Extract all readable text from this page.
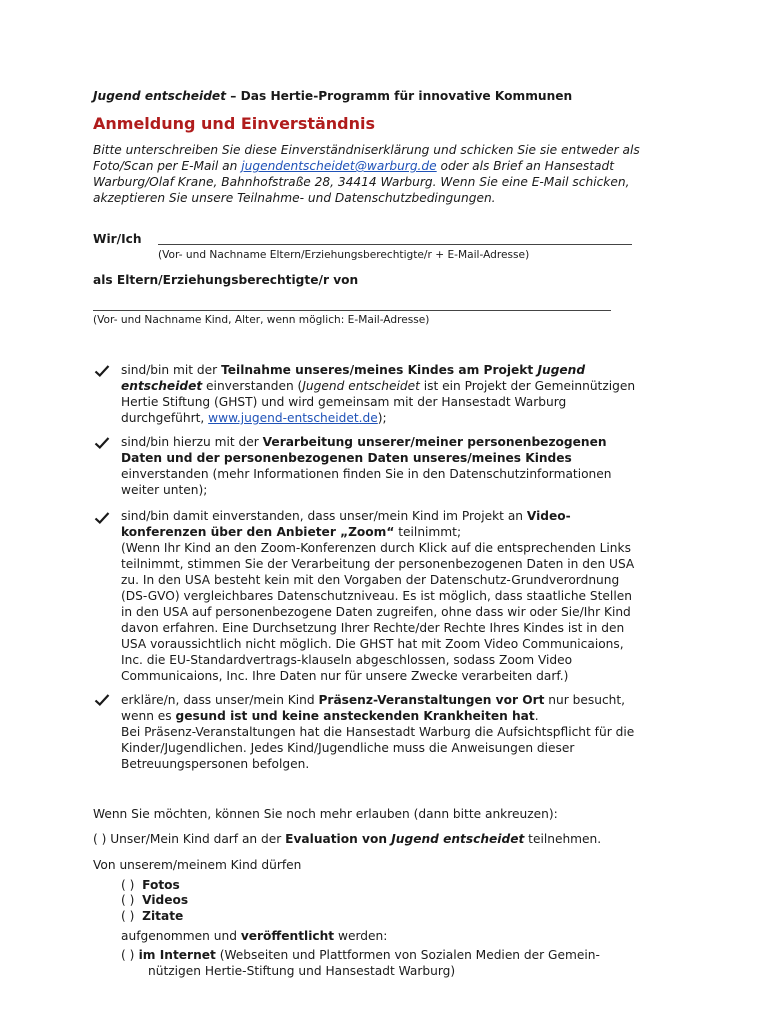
Jugend entscheidet – Das Hertie-Programm für innovative Kommunen
Anmeldung und Einverständnis
Bitte unterschreiben Sie diese Einverständniserklärung und schicken Sie sie entweder als
Foto/Scan per E-Mail an jugendentscheidet@warburg.de oder als Brief an Hansestadt
Warburg/Olaf Krane, Bahnhofstraße 28, 34414 Warburg. Wenn Sie eine E-Mail schicken,
akzeptieren Sie unsere Teilnahme- und Datenschutzbedingungen.
Wir/Ich
(Vor- und Nachname Eltern/Erziehungsberechtigte/r + E-Mail-Adresse)
als Eltern/Erziehungsberechtigte/r von
(Vor- und Nachname Kind, Alter, wenn möglich: E-Mail-Adresse)
sind/bin mit der Teilnahme unseres/meines Kindes am Projekt Jugend
entscheidet einverstanden (Jugend entscheidet ist ein Projekt der Gemeinnützigen
Hertie Stiftung (GHST) und wird gemeinsam mit der Hansestadt Warburg
durchgeführt, www.jugend-entscheidet.de);
sind/bin hierzu mit der Verarbeitung unserer/meiner personenbezogenen
Daten und der personenbezogenen Daten unseres/meines Kindes
einverstanden (mehr Informationen finden Sie in den Datenschutzinformationen
weiter unten);
sind/bin damit einverstanden, dass unser/mein Kind im Projekt an Video-
konferenzen über den Anbieter „Zoom“ teilnimmt;
(Wenn Ihr Kind an den Zoom-Konferenzen durch Klick auf die entsprechenden Links
teilnimmt, stimmen Sie der Verarbeitung der personenbezogenen Daten in den USA
zu. In den USA besteht kein mit den Vorgaben der Datenschutz-Grundverordnung
(DS-GVO) vergleichbares Datenschutzniveau. Es ist möglich, dass staatliche Stellen
in den USA auf personenbezogene Daten zugreifen, ohne dass wir oder Sie/Ihr Kind
davon erfahren. Eine Durchsetzung Ihrer Rechte/der Rechte Ihres Kindes ist in den
USA voraussichtlich nicht möglich. Die GHST hat mit Zoom Video Communicaions,
Inc. die EU-Standardvertrags-klauseln abgeschlossen, sodass Zoom Video
Communicaions, Inc. Ihre Daten nur für unsere Zwecke verarbeiten darf.)
erkläre/n, dass unser/mein Kind Präsenz-Veranstaltungen vor Ort nur besucht,
wenn es gesund ist und keine ansteckenden Krankheiten hat.
Bei Präsenz-Veranstaltungen hat die Hansestadt Warburg die Aufsichtspflicht für die
Kinder/Jugendlichen. Jedes Kind/Jugendliche muss die Anweisungen dieser
Betreuungspersonen befolgen.
Wenn Sie möchten, können Sie noch mehr erlauben (dann bitte ankreuzen):
( ) Unser/Mein Kind darf an der Evaluation von Jugend entscheidet teilnehmen.
Von unserem/meinem Kind dürfen
( ) Fotos
( ) Videos
( ) Zitate
aufgenommen und veröffentlicht werden:
( ) im Internet (Webseiten und Plattformen von Sozialen Medien der Gemein-
nützigen Hertie-Stiftung und Hansestadt Warburg)
